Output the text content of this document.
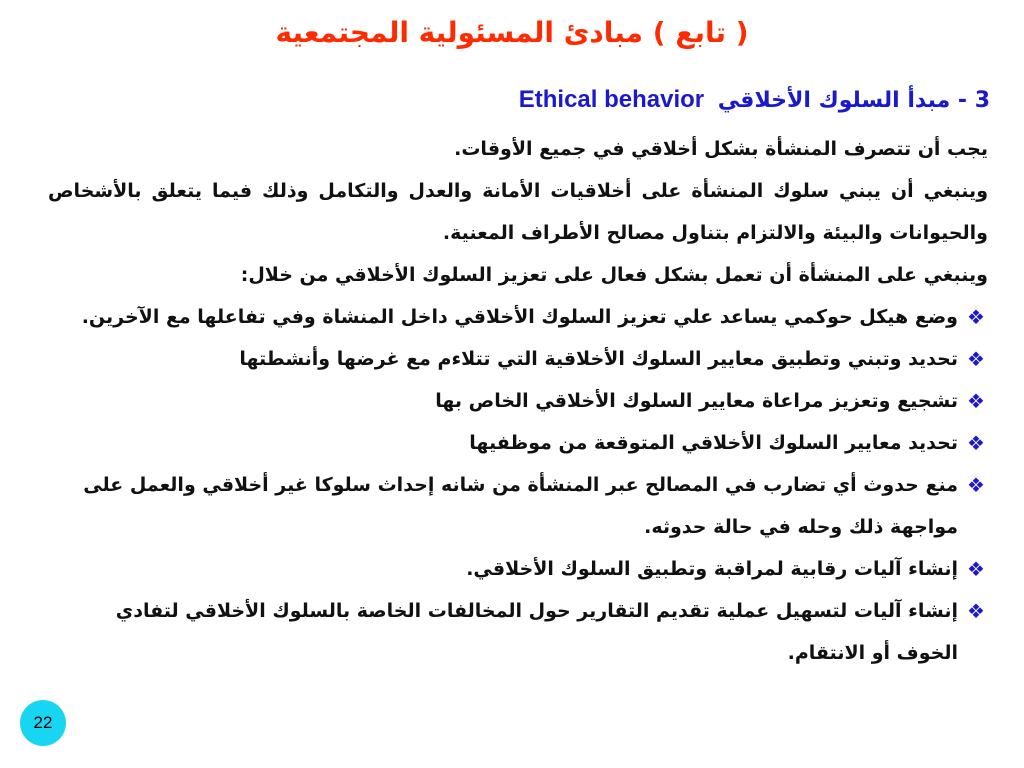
( تابع ) مبادئ المسئولية المجتمعية
3 - مبدأ السلوك الأخلاقي Ethical behavior

يجب أن تتصرف المنشأة بشكل أخلاقي في جميع الأوقات.

وينبغي أن يبني سلوك المنشأة على أخلاقيات الأمانة والعدل والتكامل وذلك فيما يتعلق بالأشخاص والحيوانات والبيئة والالتزام بتناول مصالح الأطراف المعنية.

وينبغي على المنشأة أن تعمل بشكل فعال على تعزيز السلوك الأخلاقي من خلال:

❖
وضع هيكل حوكمي يساعد علي تعزيز السلوك الأخلاقي داخل المنشاة وفي تفاعلها مع الآخرين.
❖
تحديد وتبني وتطبيق معايير السلوك الأخلاقية التي تتلاءم مع غرضها وأنشطتها
❖
تشجيع وتعزيز مراعاة معايير السلوك الأخلاقي الخاص بها
❖
تحديد معايير السلوك الأخلاقي المتوقعة من موظفيها
❖
منع حدوث أي تضارب في المصالح عبر المنشأة من شانه إحداث سلوكا غير أخلاقي والعمل على مواجهة ذلك وحله في حالة حدوثه.
❖
إنشاء آليات رقابية لمراقبة وتطبيق السلوك الأخلاقي.
❖
إنشاء آليات لتسهيل عملية تقديم التقارير حول المخالفات الخاصة بالسلوك الأخلاقي لتفادي الخوف أو الانتقام.
22
